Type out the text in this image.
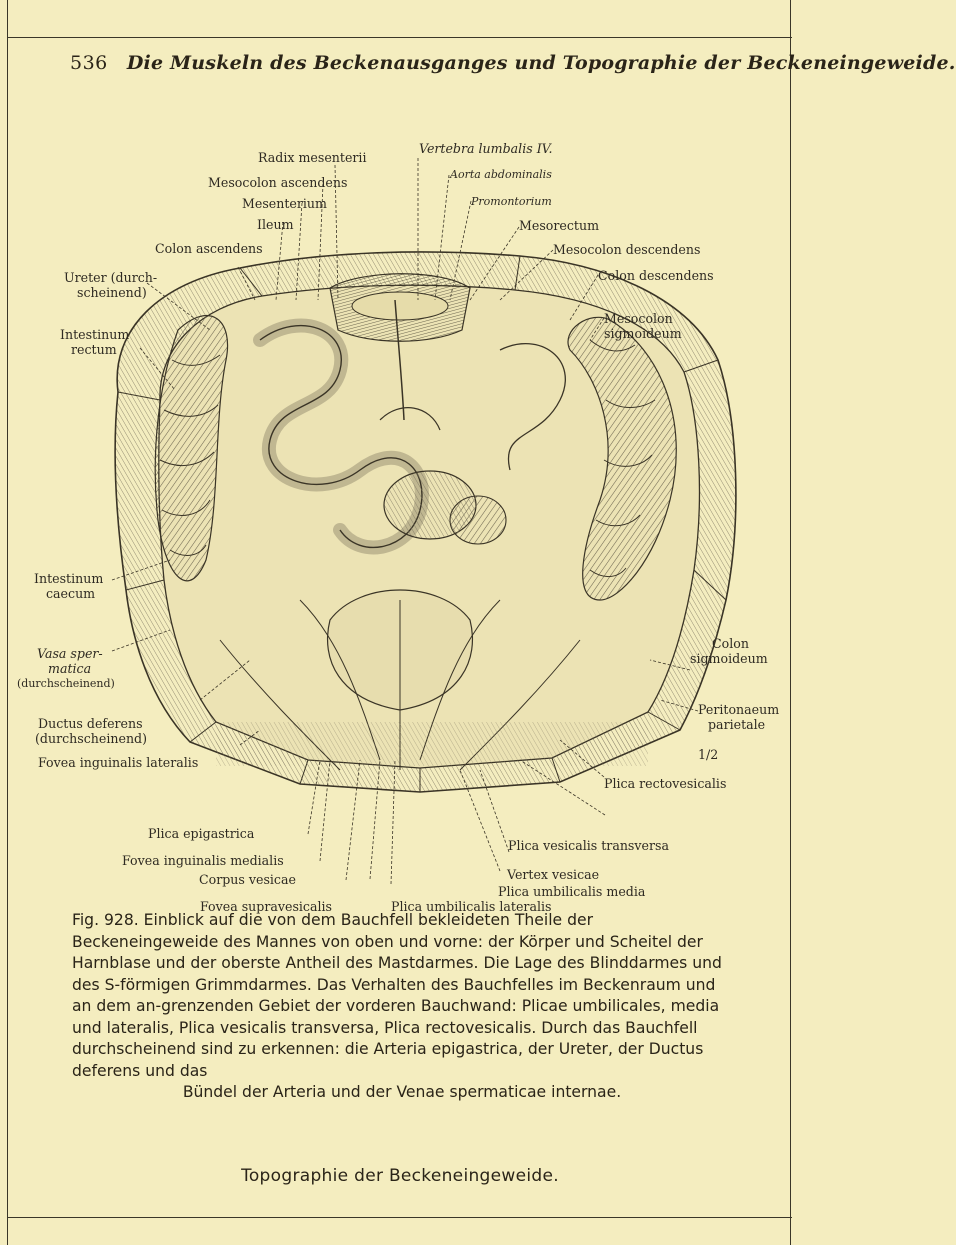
536 Die Muskeln des Beckenausganges und Topographie der Beckeneingeweide.
Radix mesenterii
Mesocolon ascendens
Mesenterium
Ileum
Colon ascendens
Ureter (durch-
scheinend)
Intestinum
rectum
Intestinum
caecum
Vasa sper-
matica
(durchscheinend)
Ductus deferens
(durchscheinend)
Fovea inguinalis lateralis
Plica epigastrica
Fovea inguinalis medialis
Corpus vesicae
Fovea supravesicalis
Vertebra lumbalis IV.
Aorta abdominalis
Promontorium
Mesorectum
Mesocolon descendens
Colon descendens
Mesocolon
sigmoideum
Colon
sigmoideum
Peritonaeum
parietale
1/2
Plica rectovesicalis
Plica vesicalis transversa
Vertex vesicae
Plica umbilicalis media
Plica umbilicalis lateralis
Fig. 928. Einblick auf die von dem Bauchfell bekleideten Theile der Beckeneingeweide des Mannes von oben und vorne: der Körper und Scheitel der Harnblase und der oberste Antheil des Mastdarmes. Die Lage des Blinddarmes und des S-förmigen Grimmdarmes. Das Verhalten des Bauchfelles im Beckenraum und an dem an-grenzenden Gebiet der vorderen Bauchwand: Plicae umbilicales, media und lateralis, Plica vesicalis transversa, Plica rectovesicalis. Durch das Bauchfell durchscheinend sind zu erkennen: die Arteria epigastrica, der Ureter, der Ductus deferens und das
Bündel der Arteria und der Venae spermaticae internae.
Topographie der Beckeneingeweide.
